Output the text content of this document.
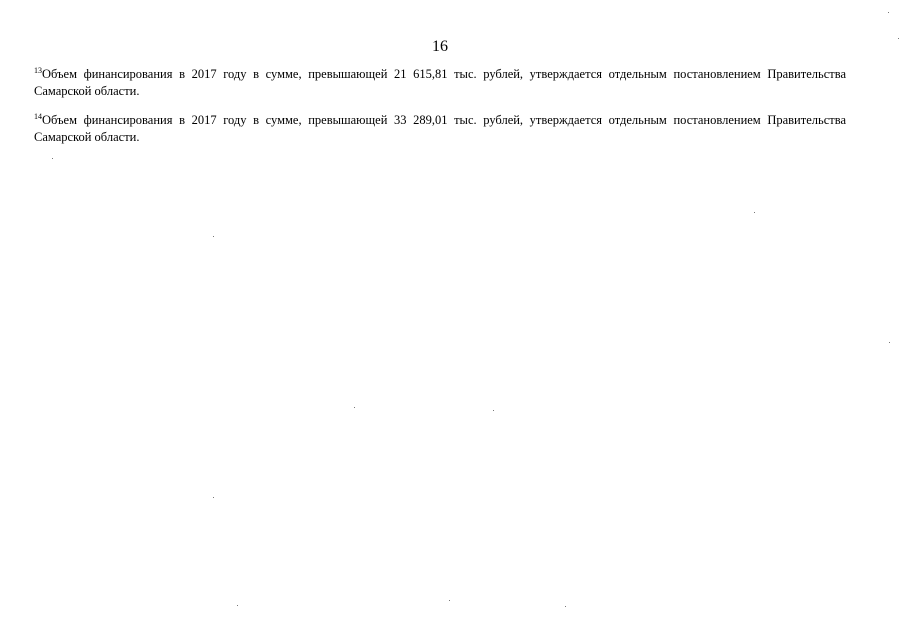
16

$^{13}$Объем финансирования в 2017 году в сумме, превышающей 21 615,81 тыс. рублей, утверждается отдельным постановлением Правительства Самарской области.

$^{14}$Объем финансирования в 2017 году в сумме, превышающей 33 289,01 тыс. рублей, утверждается отдельным постановлением Правительства Самарской области.
